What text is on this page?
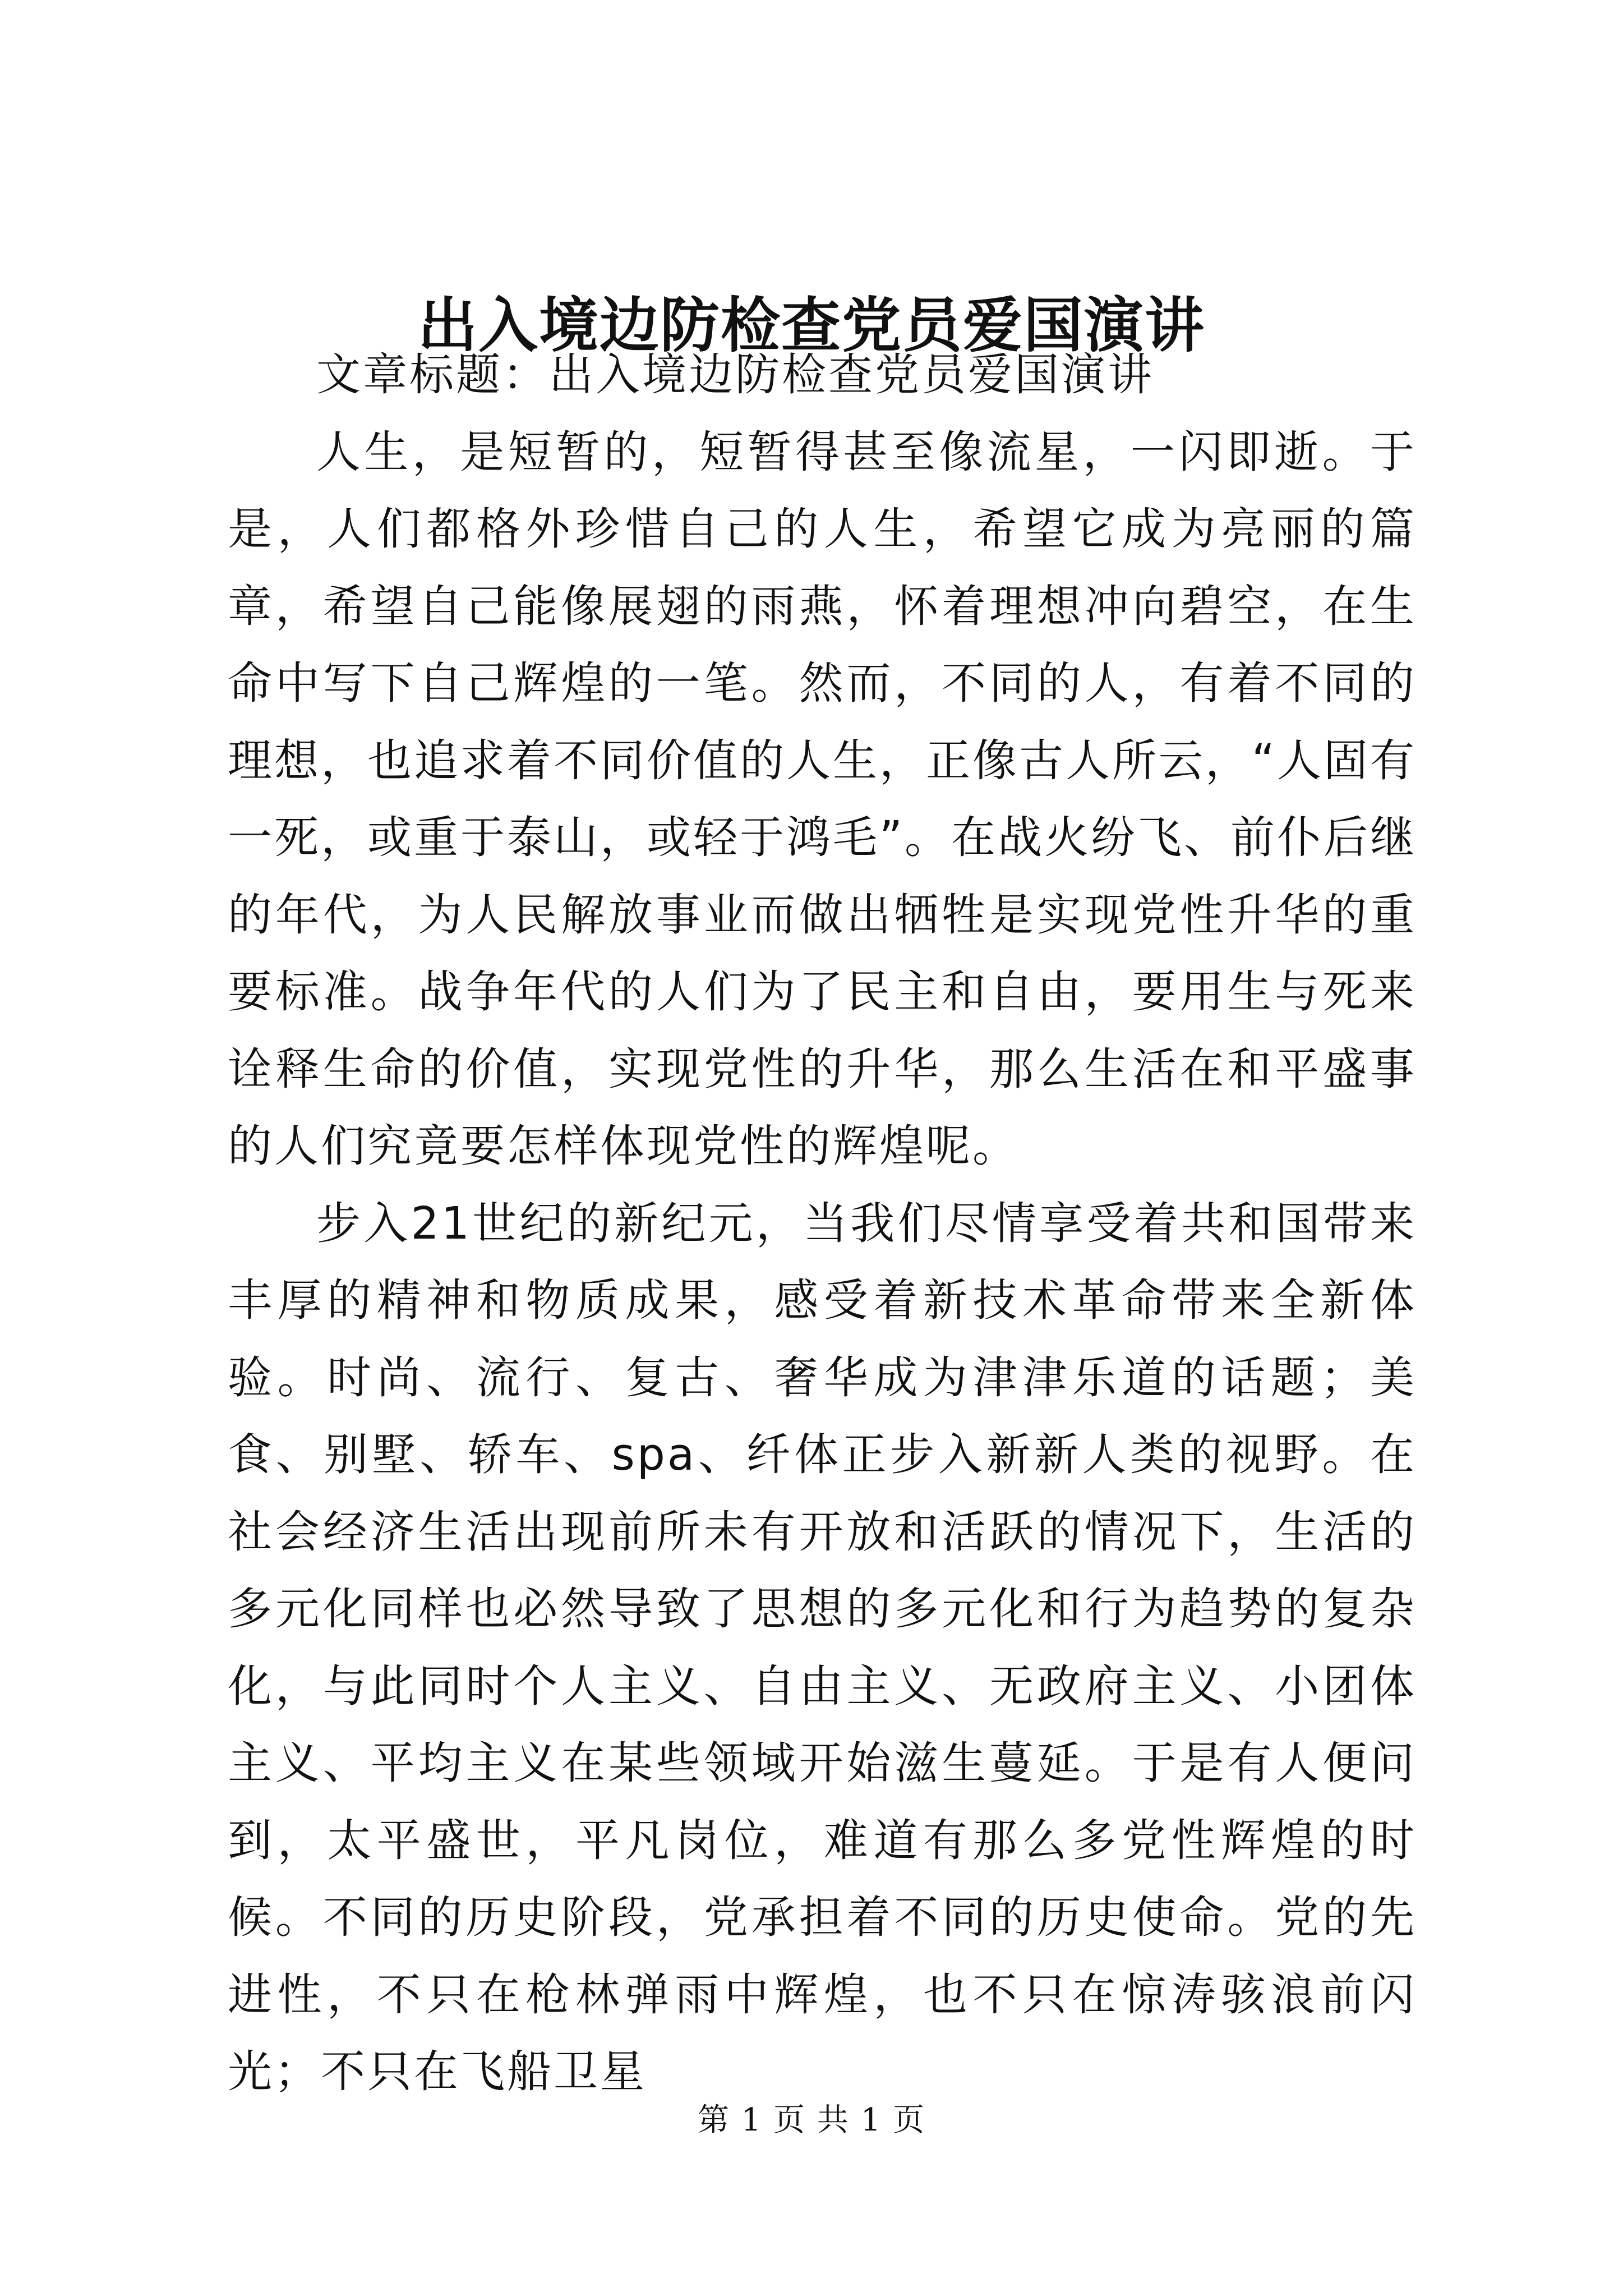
出入境边防检查党员爱国演讲

文章标题：出入境边防检查党员爱国演讲

人生，是短暂的，短暂得甚至像流星，一闪即逝。于是，人们都格外珍惜自己的人生，希望它成为亮丽的篇章，希望自己能像展翅的雨燕，怀着理想冲向碧空，在生命中写下自己辉煌的一笔。然而，不同的人，有着不同的理想，也追求着不同价值的人生，正像古人所云，“人固有一死，或重于泰山，或轻于鸿毛”。在战火纷飞、前仆后继的年代，为人民解放事业而做出牺牲是实现党性升华的重要标准。战争年代的人们为了民主和自由，要用生与死来诠释生命的价值，实现党性的升华，那么生活在和平盛事的人们究竟要怎样体现党性的辉煌呢。

步入21世纪的新纪元，当我们尽情享受着共和国带来丰厚的精神和物质成果，感受着新技术革命带来全新体验。时尚、流行、复古、奢华成为津津乐道的话题；美食、别墅、轿车、spa、纤体正步入新新人类的视野。在社会经济生活出现前所未有开放和活跃的情况下，生活的多元化同样也必然导致了思想的多元化和行为趋势的复杂化，与此同时个人主义、自由主义、无政府主义、小团体主义、平均主义在某些领域开始滋生蔓延。于是有人便问到，太平盛世，平凡岗位，难道有那么多党性辉煌的时候。不同的历史阶段，党承担着不同的历史使命。党的先进性，不只在枪林弹雨中辉煌，也不只在惊涛骇浪前闪光；不只在飞船卫星

第 1 页 共 1 页
